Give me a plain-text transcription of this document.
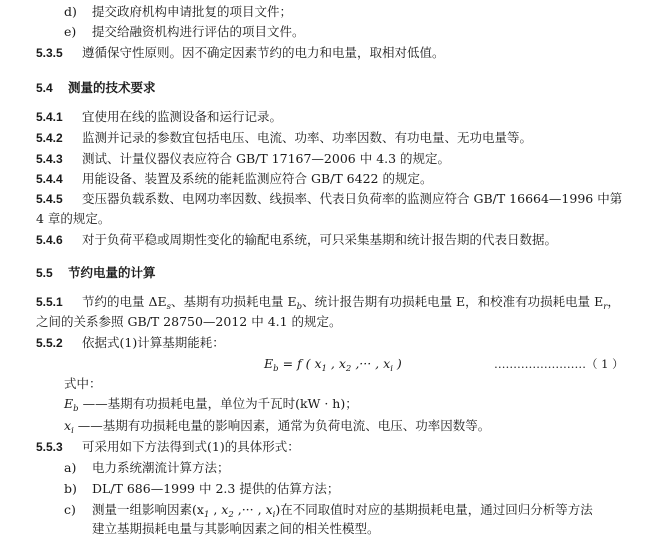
d) 提交政府机构申请批复的项目文件；
e) 提交给融资机构进行评估的项目文件。
5.3.5 遵循保守性原则。因不确定因素节约的电力和电量，取相对低值。
5.4 测量的技术要求
5.4.1 宜使用在线的监测设备和运行记录。
5.4.2 监测并记录的参数宜包括电压、电流、功率、功率因数、有功电量、无功电量等。
5.4.3 测试、计量仪器仪表应符合 GB/T 17167—2006 中 4.3 的规定。
5.4.4 用能设备、装置及系统的能耗监测应符合 GB/T 6422 的规定。
5.4.5 变压器负载系数、电网功率因数、线损率、代表日负荷率的监测应符合 GB/T 16664—1996 中第
4 章的规定。
5.4.6 对于负荷平稳或周期性变化的输配电系统，可只采集基期和统计报告期的代表日数据。
5.5 节约电量的计算
5.5.1 节约的电量 $\Delta E_s$、基期有功损耗电量 $E_b$、统计报告期有功损耗电量 E，和校准有功损耗电量 $E_r$，
之间的关系参照 GB/T 28750—2012 中 4.1 的规定。
5.5.2 依据式(1)计算基期能耗：
$E_b = f$ ( $x_1$ , $x_2$ ,··· , $x_i$ )	……………………（ 1 ）
式中：
$E_b$ ——基期有功损耗电量，单位为千瓦时(kW · h)；
$x_i$ ——基期有功损耗电量的影响因素，通常为负荷电流、电压、功率因数等。
5.5.3 可采用如下方法得到式(1)的具体形式：
a) 电力系统潮流计算方法；
b) DL/T 686—1999 中 2.3 提供的估算方法；
c) 测量一组影响因素($x_1$ , $x_2$ ,··· , $x_i$)在不同取值时对应的基期损耗电量，通过回归分析等方法
建立基期损耗电量与其影响因素之间的相关性模型。
